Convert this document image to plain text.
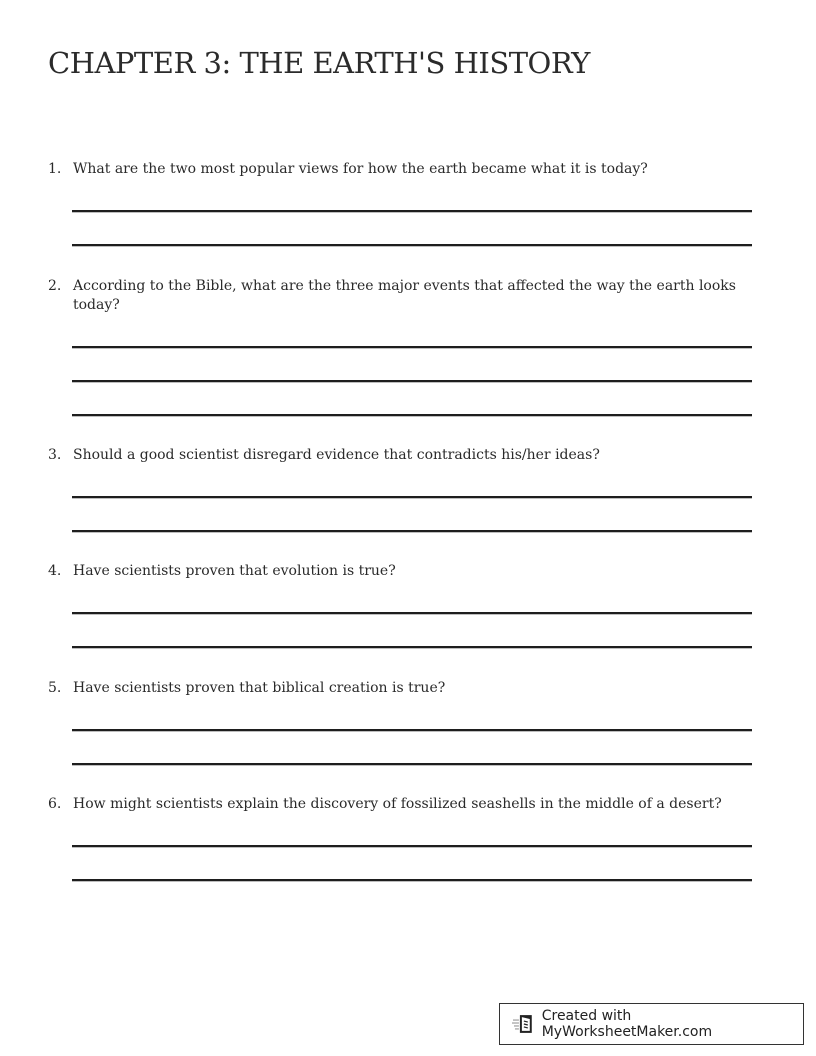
CHAPTER 3: THE EARTH'S HISTORY
1. What are the two most popular views for how the earth became what it is today?
2. According to the Bible, what are the three major events that affected the way the earth looks today?
3. Should a good scientist disregard evidence that contradicts his/her ideas?
4. Have scientists proven that evolution is true?
5. Have scientists proven that biblical creation is true?
6. How might scientists explain the discovery of fossilized seashells in the middle of a desert?
Created with MyWorksheetMaker.com
